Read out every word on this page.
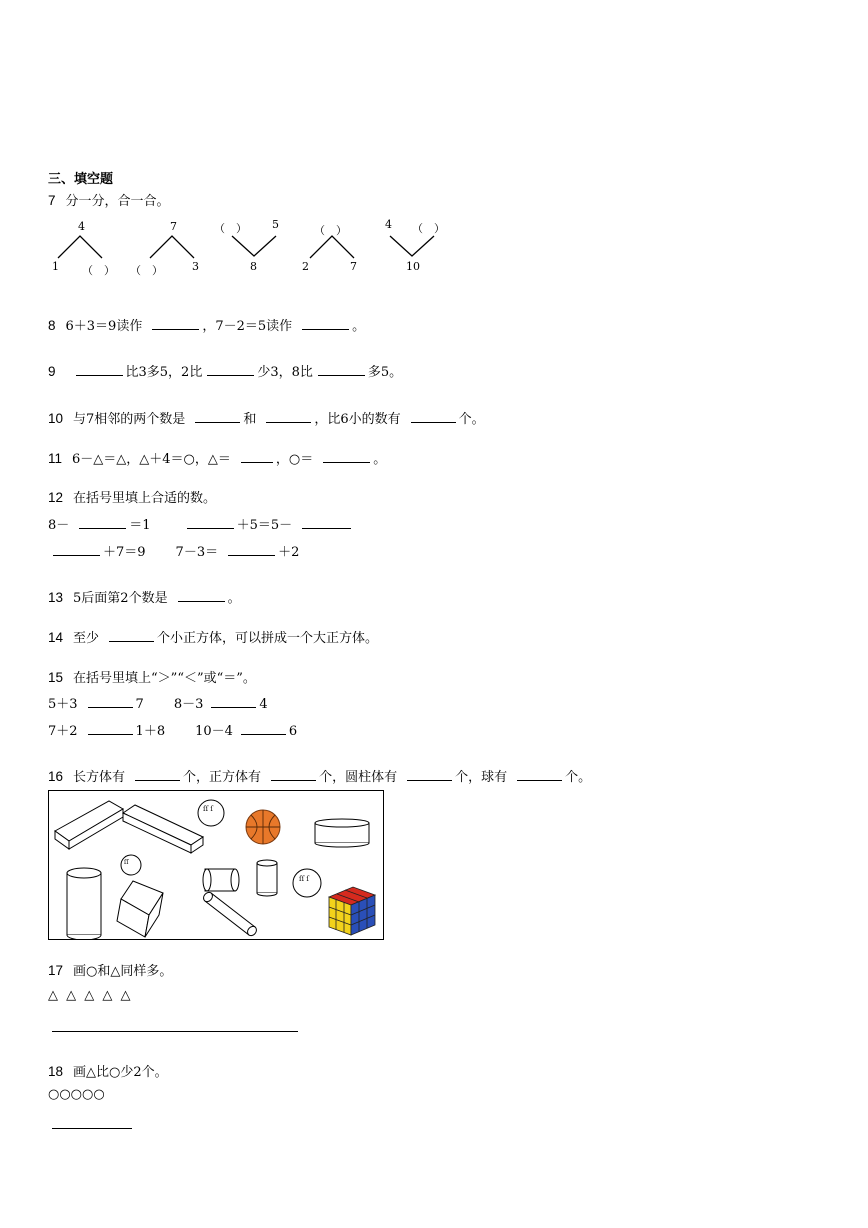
三、填空题
7 分一分，合一合。
4
1 （　）
7
（　）	3
（　） 5
8
（　）
2	7
4 （　）
10
8 6＋3＝9读作	，7－2＝5读作	。
9	比3多5，2比	少3，8比	多5。
10 与7相邻的两个数是	和	，比6小的数有	个。
11 6－△＝△，△＋4＝○，△＝	，○＝	。
12 在括号里填上合适的数。
8－	＝1	＋5＝5－
＋7＝9 7－3＝	＋2
13 5后面第2个数是	。
14 至少	个小正方体，可以拼成一个大正方体。
15 在括号里填上“＞”“＜”或“＝”。
5＋3	7 8－3	4
7＋2	1＋8 10－4	6
16 长方体有	个，正方体有	个，圆柱体有	个，球有	个。
ſſ ſ
ſſ
ſſ ſ
17 画○和△同样多。
△ △ △ △ △
18 画△比○少2个。
○○○○○
